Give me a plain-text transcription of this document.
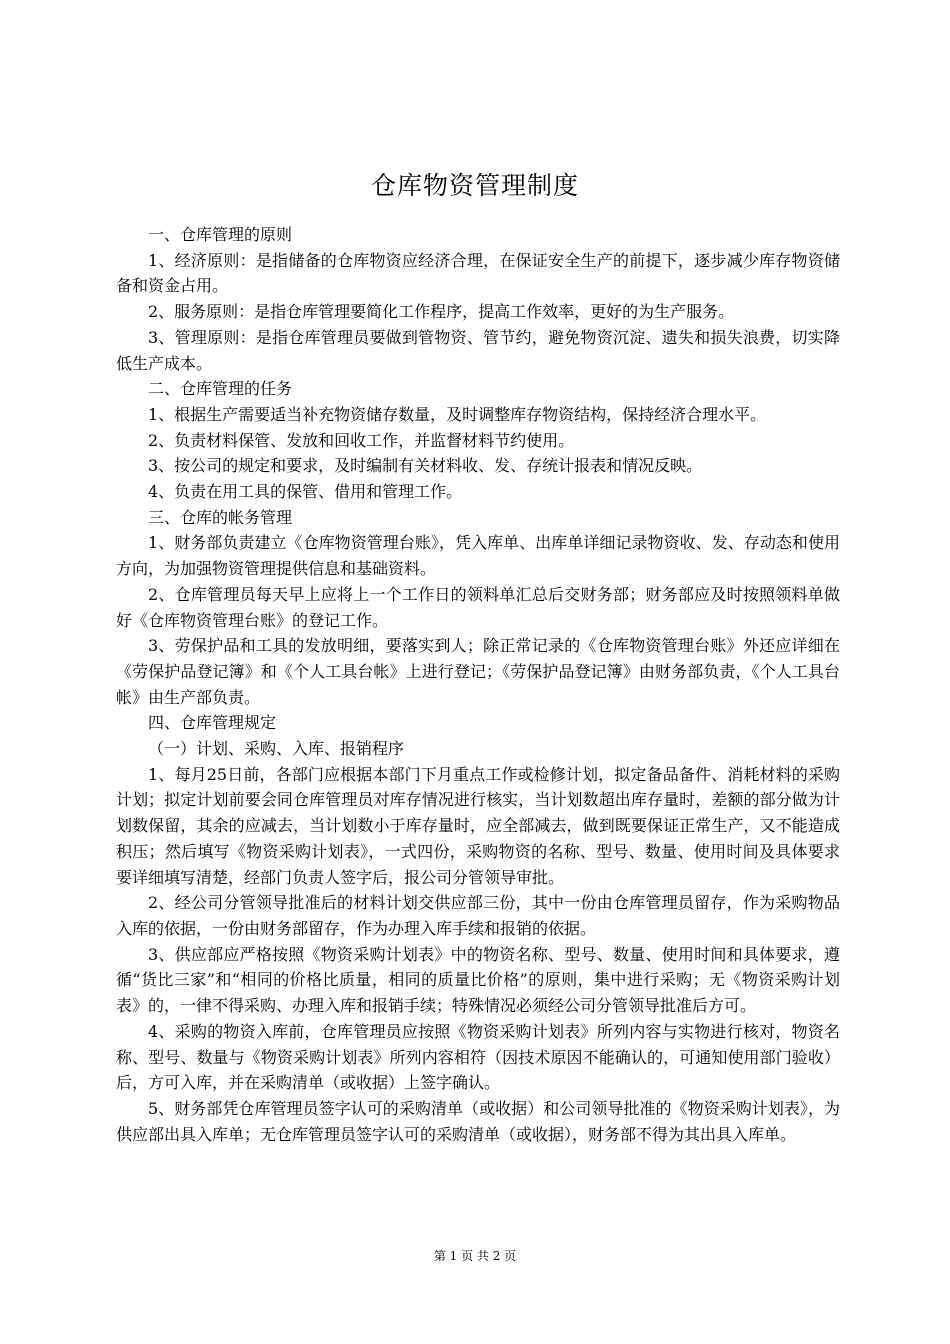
仓库物资管理制度

一、仓库管理的原则

1、经济原则：是指储备的仓库物资应经济合理，在保证安全生产的前提下，逐步减少库存物资储备和资金占用。

2、服务原则：是指仓库管理要简化工作程序，提高工作效率，更好的为生产服务。

3、管理原则：是指仓库管理员要做到管物资、管节约，避免物资沉淀、遗失和损失浪费，切实降低生产成本。

二、仓库管理的任务

1、根据生产需要适当补充物资储存数量，及时调整库存物资结构，保持经济合理水平。

2、负责材料保管、发放和回收工作，并监督材料节约使用。

3、按公司的规定和要求，及时编制有关材料收、发、存统计报表和情况反映。

4、负责在用工具的保管、借用和管理工作。

三、仓库的帐务管理

1、财务部负责建立《仓库物资管理台账》，凭入库单、出库单详细记录物资收、发、存动态和使用方向，为加强物资管理提供信息和基础资料。

2、仓库管理员每天早上应将上一个工作日的领料单汇总后交财务部；财务部应及时按照领料单做好《仓库物资管理台账》的登记工作。

3、劳保护品和工具的发放明细，要落实到人；除正常记录的《仓库物资管理台账》外还应详细在《劳保护品登记簿》和《个人工具台帐》上进行登记；《劳保护品登记簿》由财务部负责，《个人工具台帐》由生产部负责。

四、仓库管理规定

（一）计划、采购、入库、报销程序

1、每月25日前，各部门应根据本部门下月重点工作或检修计划，拟定备品备件、消耗材料的采购计划；拟定计划前要会同仓库管理员对库存情况进行核实，当计划数超出库存量时，差额的部分做为计划数保留，其余的应减去，当计划数小于库存量时，应全部减去，做到既要保证正常生产，又不能造成积压；然后填写《物资采购计划表》，一式四份，采购物资的名称、型号、数量、使用时间及具体要求要详细填写清楚，经部门负责人签字后，报公司分管领导审批。

2、经公司分管领导批准后的材料计划交供应部三份，其中一份由仓库管理员留存，作为采购物品入库的依据，一份由财务部留存，作为办理入库手续和报销的依据。

3、供应部应严格按照《物资采购计划表》中的物资名称、型号、数量、使用时间和具体要求，遵循“货比三家”和“相同的价格比质量，相同的质量比价格”的原则，集中进行采购；无《物资采购计划表》的，一律不得采购、办理入库和报销手续；特殊情况必须经公司分管领导批准后方可。

4、采购的物资入库前，仓库管理员应按照《物资采购计划表》所列内容与实物进行核对，物资名称、型号、数量与《物资采购计划表》所列内容相符（因技术原因不能确认的，可通知使用部门验收）后，方可入库，并在采购清单（或收据）上签字确认。

5、财务部凭仓库管理员签字认可的采购清单（或收据）和公司领导批准的《物资采购计划表》，为供应部出具入库单；无仓库管理员签字认可的采购清单（或收据），财务部不得为其出具入库单。

第 1 页 共 2 页
